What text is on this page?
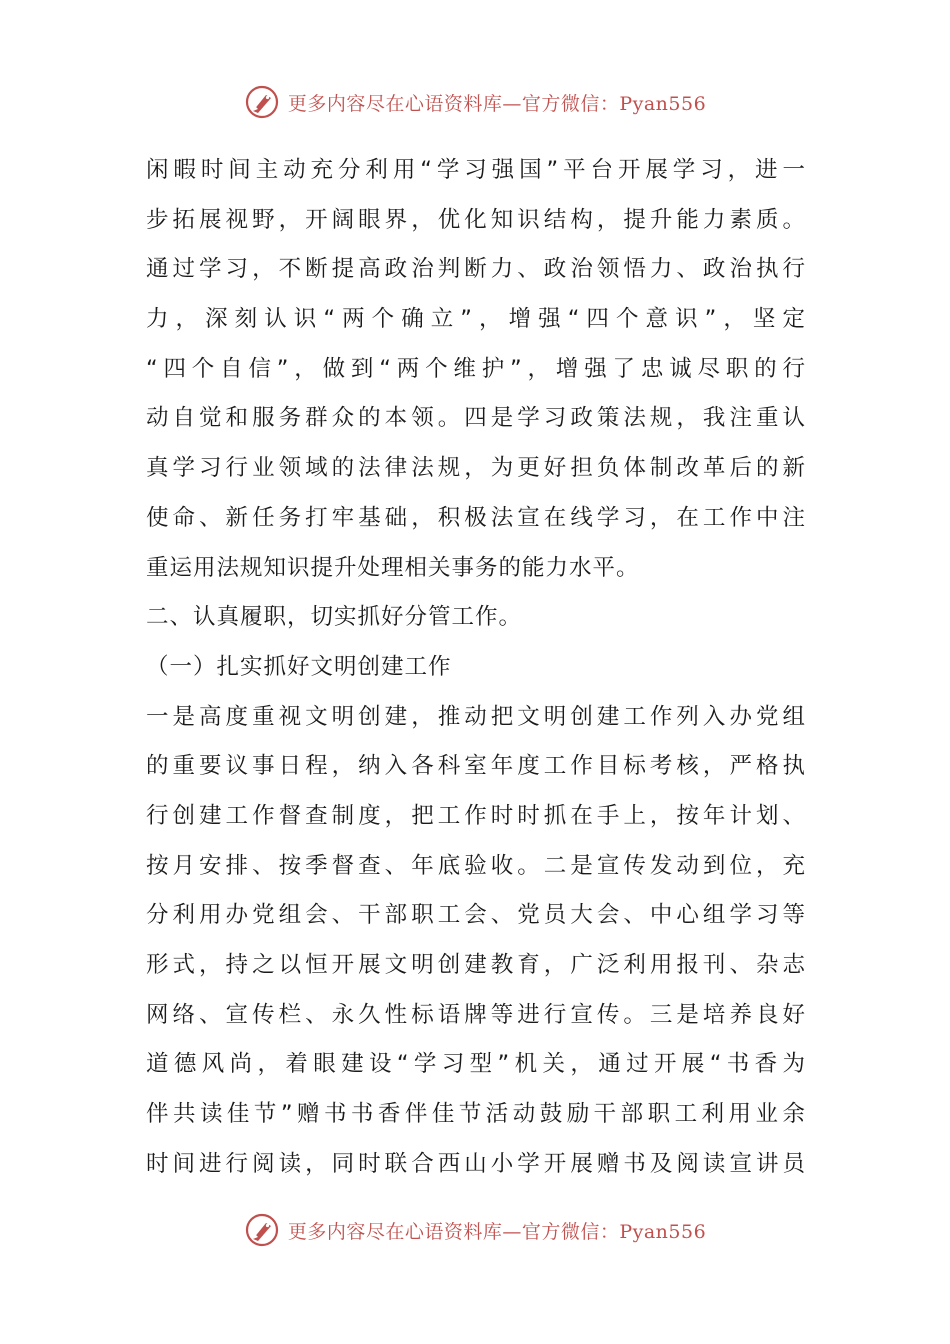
更多内容尽在心语资料库—官方微信：Pyan556
闲暇时间主动充分利用“学习强国”平台开展学习，进一
步拓展视野，开阔眼界，优化知识结构，提升能力素质。
通过学习，不断提高政治判断力、政治领悟力、政治执行
力，深刻认识“两个确立”，增强“四个意识”，坚定
“四个自信”，做到“两个维护”，增强了忠诚尽职的行
动自觉和服务群众的本领。四是学习政策法规，我注重认
真学习行业领域的法律法规，为更好担负体制改革后的新
使命、新任务打牢基础，积极法宣在线学习，在工作中注
重运用法规知识提升处理相关事务的能力水平。
二、认真履职，切实抓好分管工作。
（一）扎实抓好文明创建工作
一是高度重视文明创建，推动把文明创建工作列入办党组
的重要议事日程，纳入各科室年度工作目标考核，严格执
行创建工作督查制度，把工作时时抓在手上，按年计划、
按月安排、按季督查、年底验收。二是宣传发动到位，充
分利用办党组会、干部职工会、党员大会、中心组学习等
形式，持之以恒开展文明创建教育，广泛利用报刊、杂志
网络、宣传栏、永久性标语牌等进行宣传。三是培养良好
道德风尚，着眼建设“学习型”机关，通过开展“书香为
伴共读佳节”赠书书香伴佳节活动鼓励干部职工利用业余
时间进行阅读，同时联合西山小学开展赠书及阅读宣讲员
更多内容尽在心语资料库—官方微信：Pyan556
